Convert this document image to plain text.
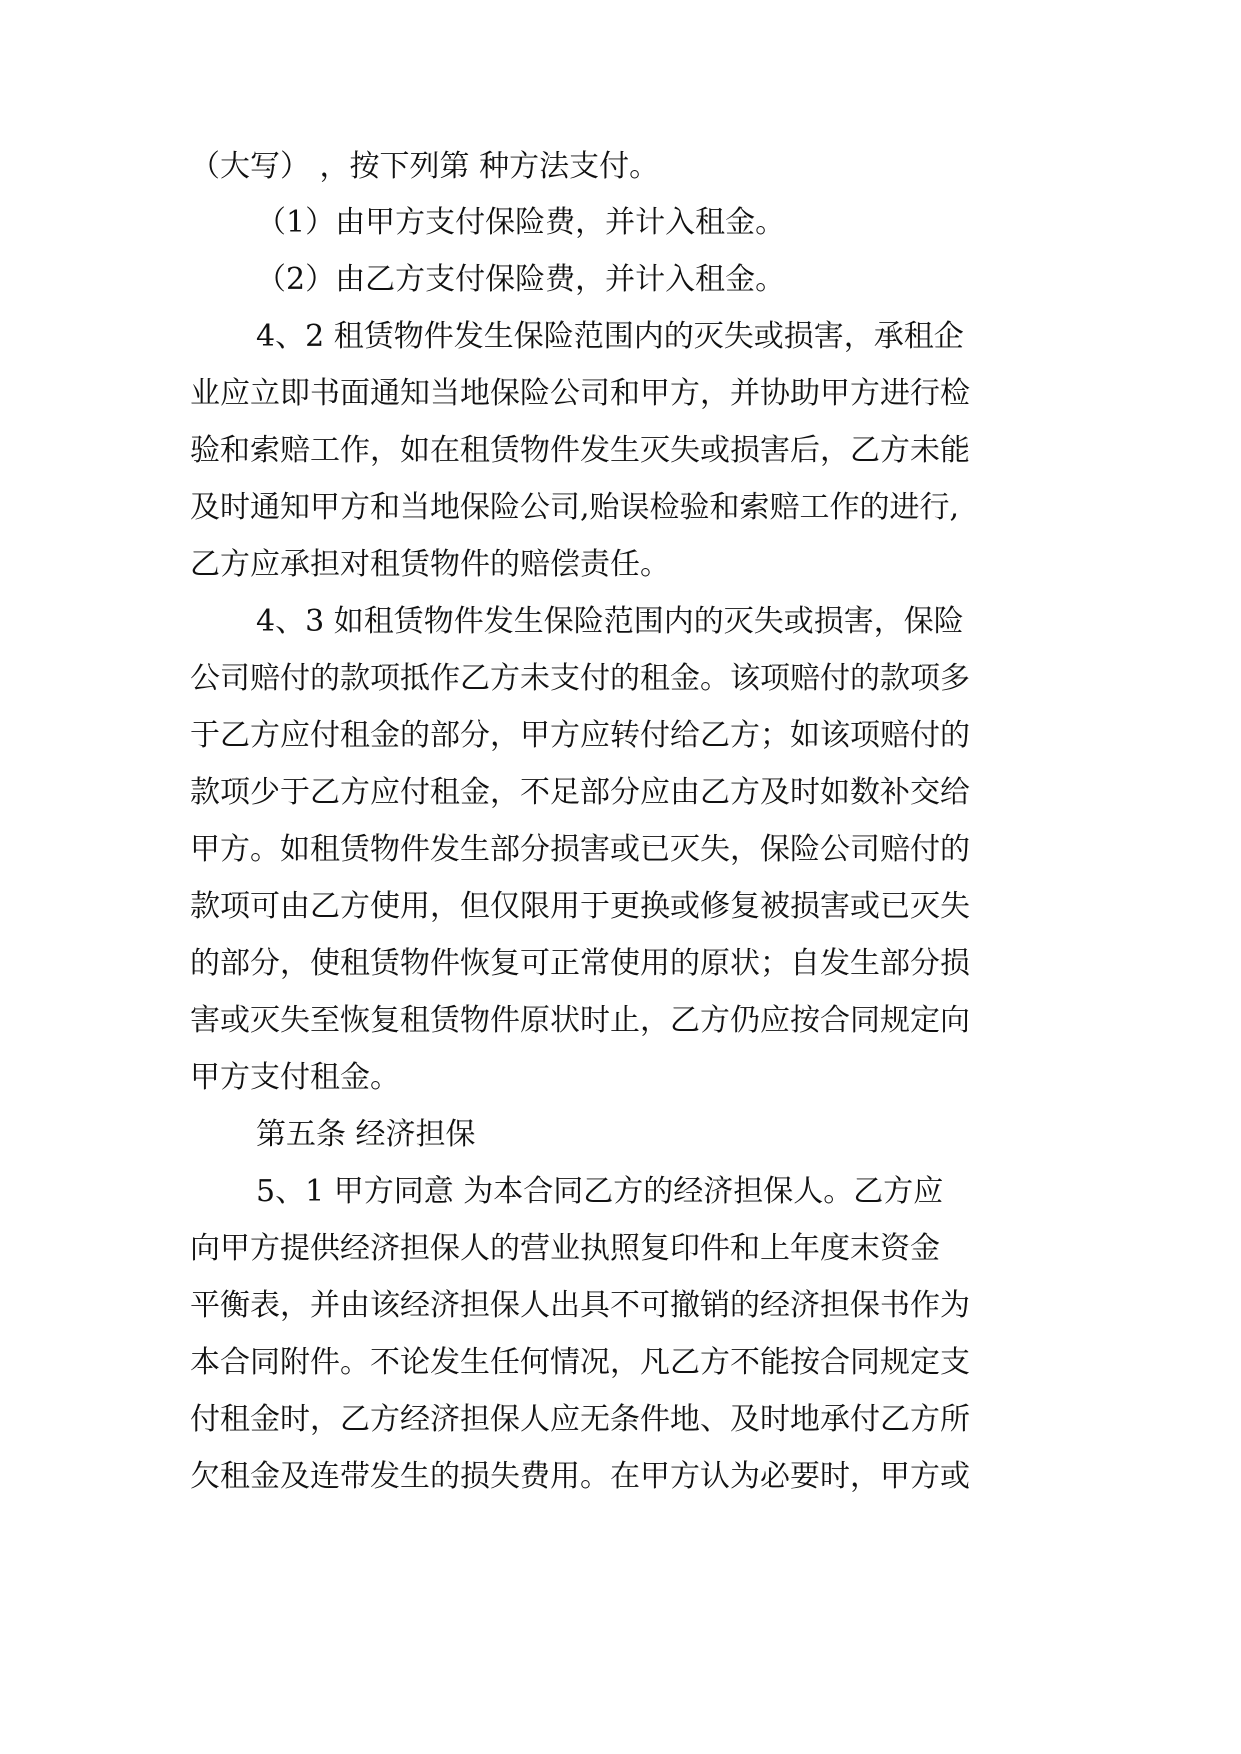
（大写） ，按下列第 种方法支付。
（1）由甲方支付保险费，并计入租金。
（2）由乙方支付保险费，并计入租金。
4、2 租赁物件发生保险范围内的灭失或损害，承租企
业应立即书面通知当地保险公司和甲方，并协助甲方进行检
验和索赔工作，如在租赁物件发生灭失或损害后，乙方未能
及时通知甲方和当地保险公司,贻误检验和索赔工作的进行,
乙方应承担对租赁物件的赔偿责任。
4、3 如租赁物件发生保险范围内的灭失或损害，保险
公司赔付的款项抵作乙方未支付的租金。该项赔付的款项多
于乙方应付租金的部分，甲方应转付给乙方；如该项赔付的
款项少于乙方应付租金，不足部分应由乙方及时如数补交给
甲方。如租赁物件发生部分损害或已灭失，保险公司赔付的
款项可由乙方使用，但仅限用于更换或修复被损害或已灭失
的部分，使租赁物件恢复可正常使用的原状；自发生部分损
害或灭失至恢复租赁物件原状时止，乙方仍应按合同规定向
甲方支付租金。
第五条 经济担保
5、1 甲方同意 为本合同乙方的经济担保人。乙方应
向甲方提供经济担保人的营业执照复印件和上年度末资金
平衡表，并由该经济担保人出具不可撤销的经济担保书作为
本合同附件。不论发生任何情况，凡乙方不能按合同规定支
付租金时，乙方经济担保人应无条件地、及时地承付乙方所
欠租金及连带发生的损失费用。在甲方认为必要时，甲方或
